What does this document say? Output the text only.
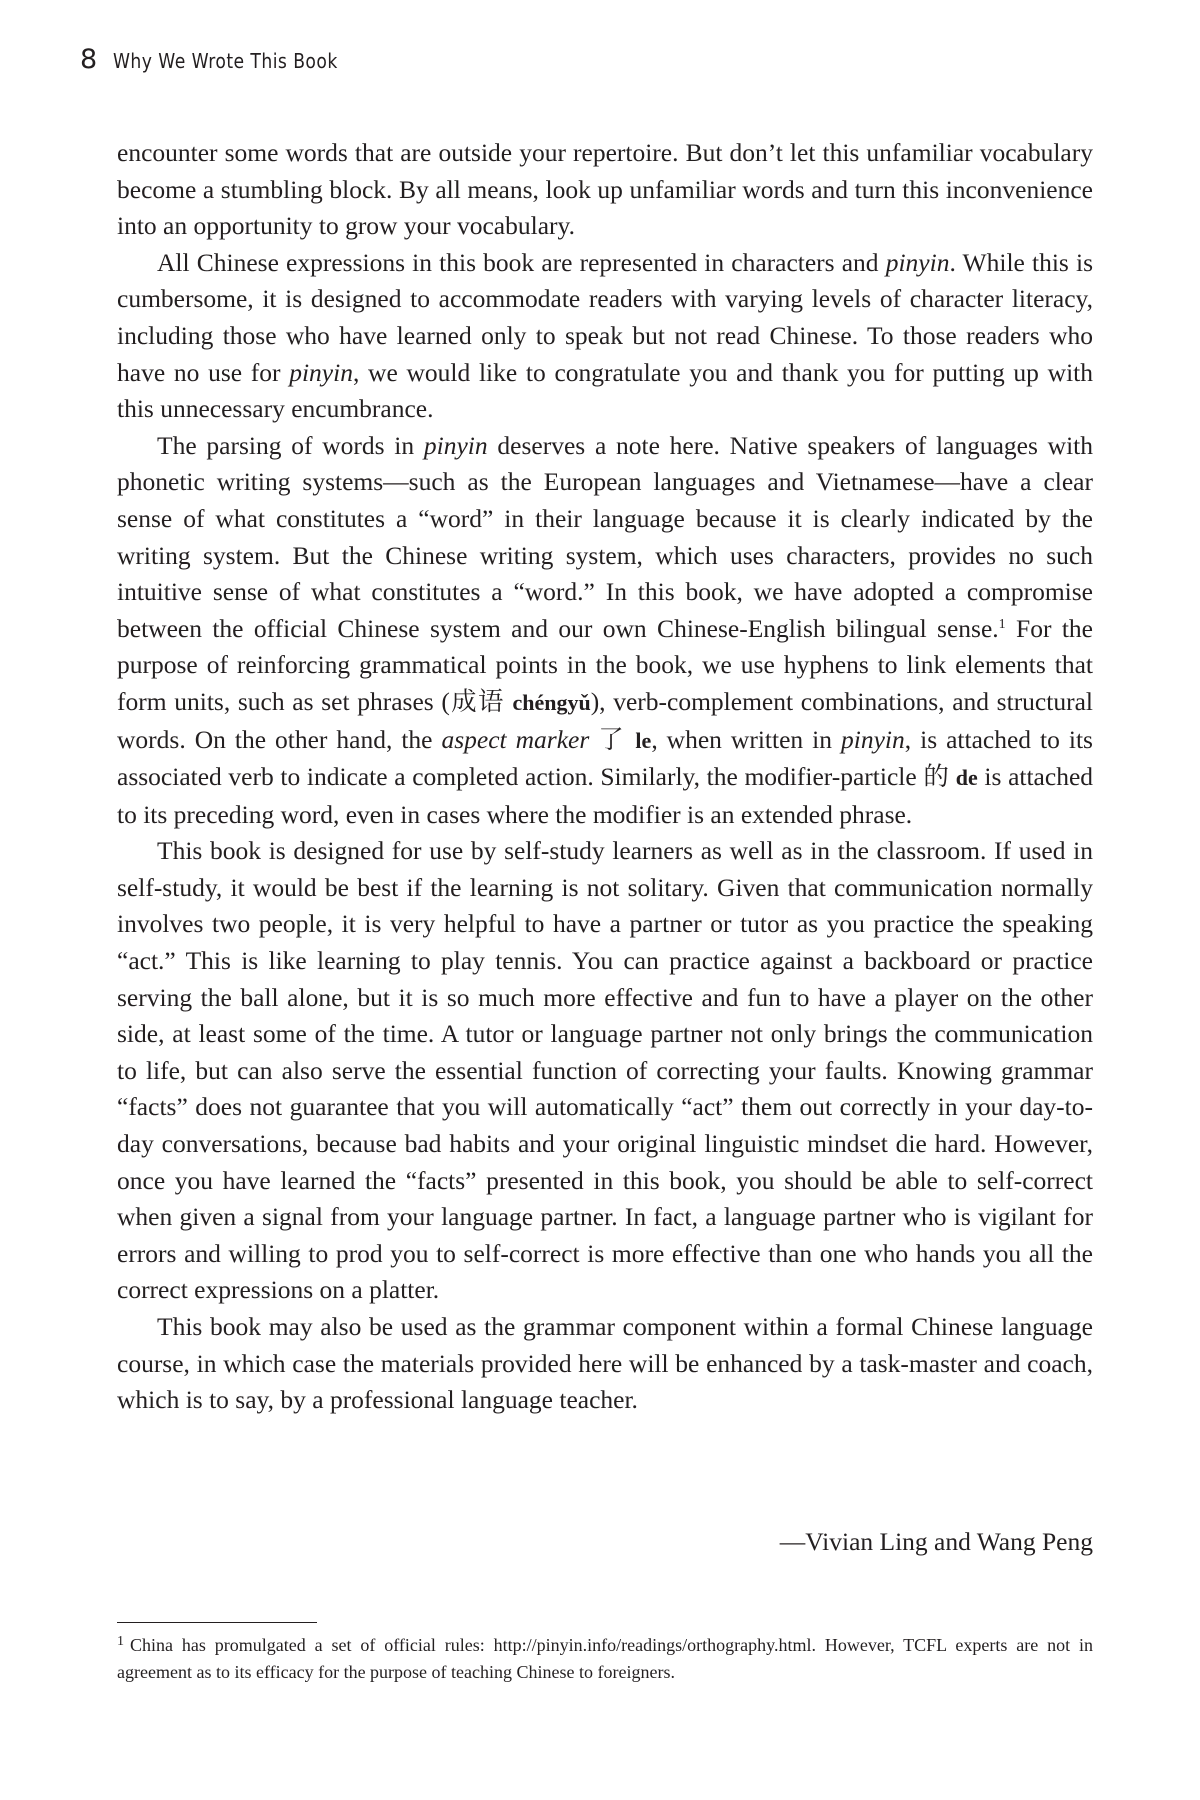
8 Why We Wrote This Book

encounter some words that are outside your repertoire. But don’t let this unfamiliar vocabulary become a stumbling block. By all means, look up unfamiliar words and turn this inconvenience into an opportunity to grow your vocabulary.

All Chinese expressions in this book are represented in characters and pinyin. While this is cumbersome, it is designed to accommodate readers with varying levels of character literacy, including those who have learned only to speak but not read Chinese. To those readers who have no use for pinyin, we would like to congratulate you and thank you for putting up with this unnecessary encumbrance.

The parsing of words in pinyin deserves a note here. Native speakers of languages with phonetic writing systems—such as the European languages and Vietnamese—have a clear sense of what constitutes a “word” in their language because it is clearly indicated by the writing system. But the Chinese writing system, which uses characters, provides no such intuitive sense of what constitutes a “word.” In this book, we have adopted a compromise between the official Chinese system and our own Chinese-English bilingual sense.$^1$ For the purpose of reinforcing grammatical points in the book, we use hyphens to link elements that form units, such as set phrases (成语 chéngyǔ), verb-complement combinations, and structural words. On the other hand, the aspect marker 了 le, when written in pinyin, is attached to its associated verb to indicate a completed action. Similarly, the modifier-particle 的 de is attached to its preceding word, even in cases where the modifier is an extended phrase.

This book is designed for use by self-study learners as well as in the classroom. If used in self-study, it would be best if the learning is not solitary. Given that communication normally involves two people, it is very helpful to have a partner or tutor as you practice the speaking “act.” This is like learning to play tennis. You can practice against a backboard or practice serving the ball alone, but it is so much more effective and fun to have a player on the other side, at least some of the time. A tutor or language partner not only brings the communication to life, but can also serve the essential function of correcting your faults. Knowing grammar “facts” does not guarantee that you will automatically “act” them out correctly in your day-to-day conversations, because bad habits and your original linguistic mindset die hard. However, once you have learned the “facts” presented in this book, you should be able to self-correct when given a signal from your language partner. In fact, a language partner who is vigilant for errors and willing to prod you to self-correct is more effective than one who hands you all the correct expressions on a platter.

This book may also be used as the grammar component within a formal Chinese language course, in which case the materials provided here will be enhanced by a task-master and coach, which is to say, by a professional language teacher.

—Vivian Ling and Wang Peng
$^1$ China has promulgated a set of official rules: http://pinyin.info/readings/orthography.html. However, TCFL experts are not in agreement as to its efficacy for the purpose of teaching Chinese to foreigners.
